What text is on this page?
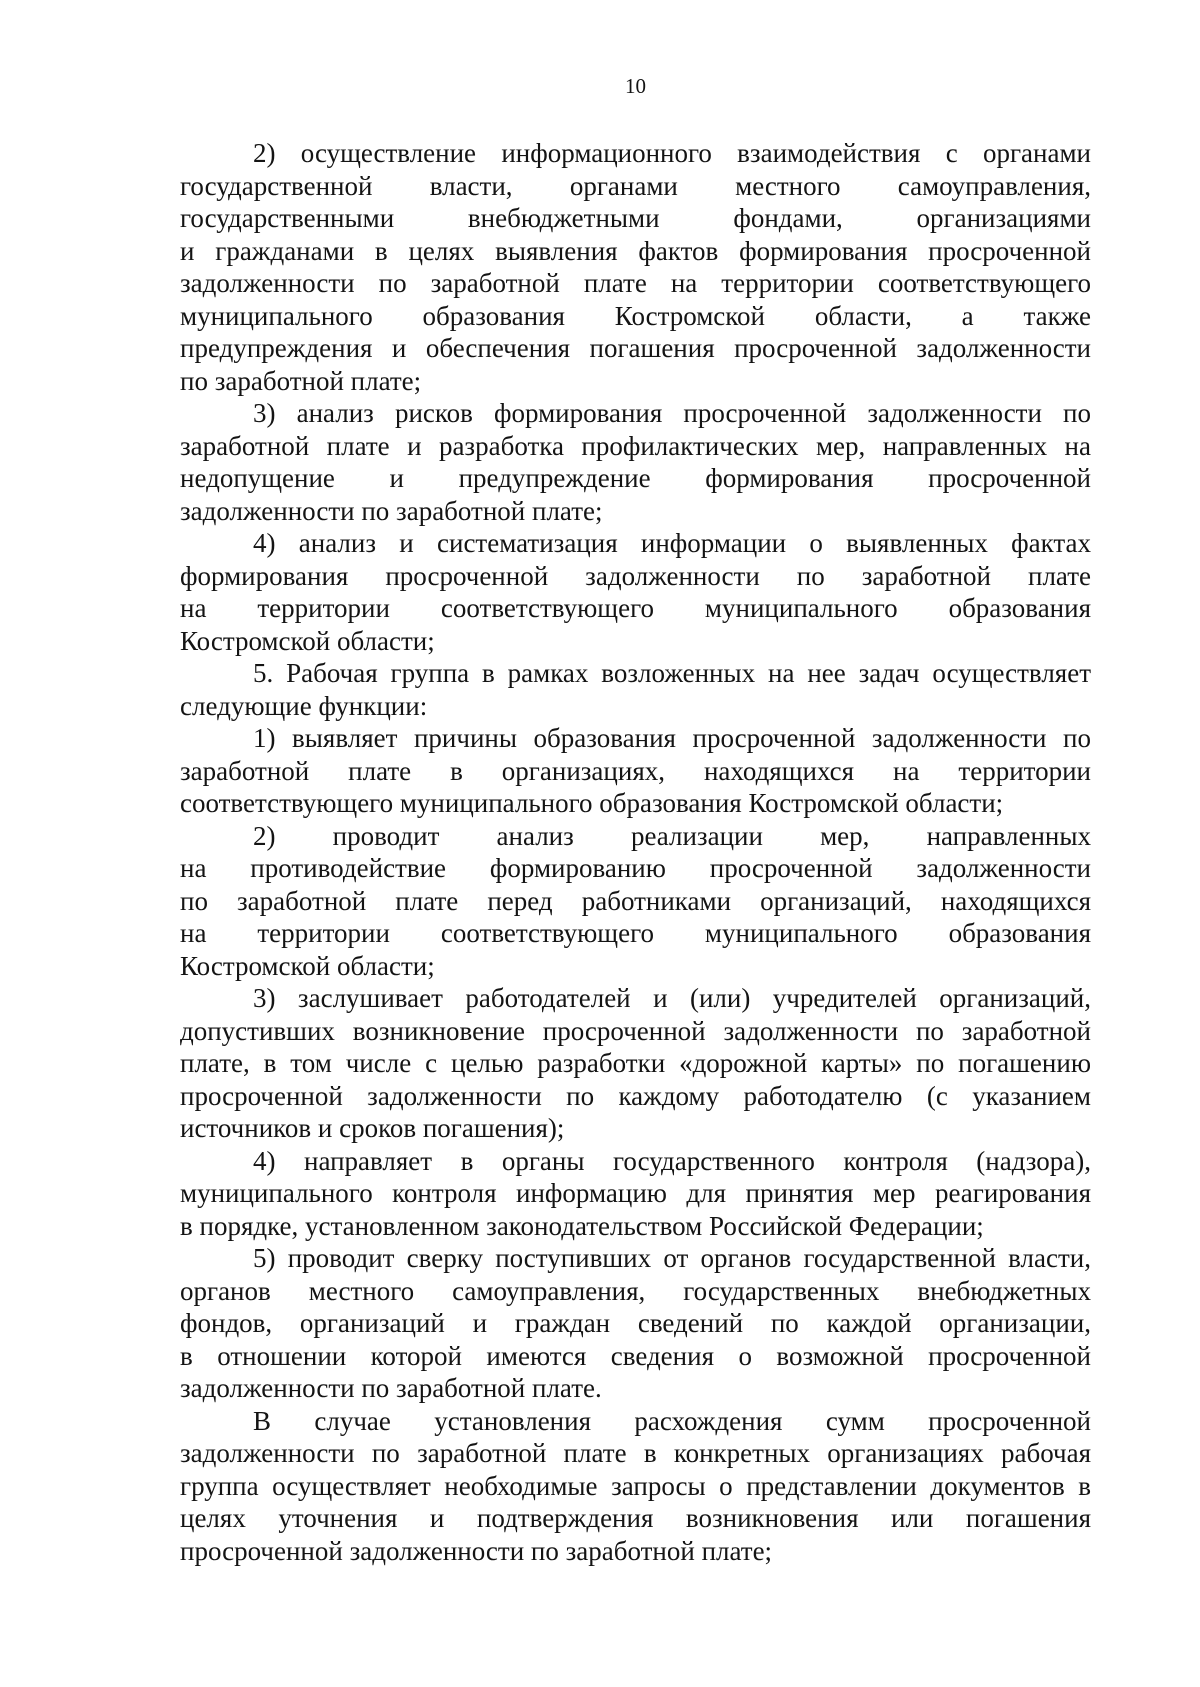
10
2) осуществление информационного взаимодействия с органами
государственной власти, органами местного самоуправления,
государственными внебюджетными фондами, организациями
и гражданами в целях выявления фактов формирования просроченной
задолженности по заработной плате на территории соответствующего
муниципального образования Костромской области, а также
предупреждения и обеспечения погашения просроченной задолженности
по заработной плате;
3) анализ рисков формирования просроченной задолженности по
заработной плате и разработка профилактических мер, направленных на
недопущение и предупреждение формирования просроченной
задолженности по заработной плате;
4) анализ и систематизация информации о выявленных фактах
формирования просроченной задолженности по заработной плате
на территории соответствующего муниципального образования
Костромской области;
5. Рабочая группа в рамках возложенных на нее задач осуществляет
следующие функции:
1) выявляет причины образования просроченной задолженности по
заработной плате в организациях, находящихся на территории
соответствующего муниципального образования Костромской области;
2) проводит анализ реализации мер, направленных
на противодействие формированию просроченной задолженности
по заработной плате перед работниками организаций, находящихся
на территории соответствующего муниципального образования
Костромской области;
3) заслушивает работодателей и (или) учредителей организаций,
допустивших возникновение просроченной задолженности по заработной
плате, в том числе с целью разработки «дорожной карты» по погашению
просроченной задолженности по каждому работодателю (с указанием
источников и сроков погашения);
4) направляет в органы государственного контроля (надзора),
муниципального контроля информацию для принятия мер реагирования
в порядке, установленном законодательством Российской Федерации;
5) проводит сверку поступивших от органов государственной власти,
органов местного самоуправления, государственных внебюджетных
фондов, организаций и граждан сведений по каждой организации,
в отношении которой имеются сведения о возможной просроченной
задолженности по заработной плате.
В случае установления расхождения сумм просроченной
задолженности по заработной плате в конкретных организациях рабочая
группа осуществляет необходимые запросы о представлении документов в
целях уточнения и подтверждения возникновения или погашения
просроченной задолженности по заработной плате;
